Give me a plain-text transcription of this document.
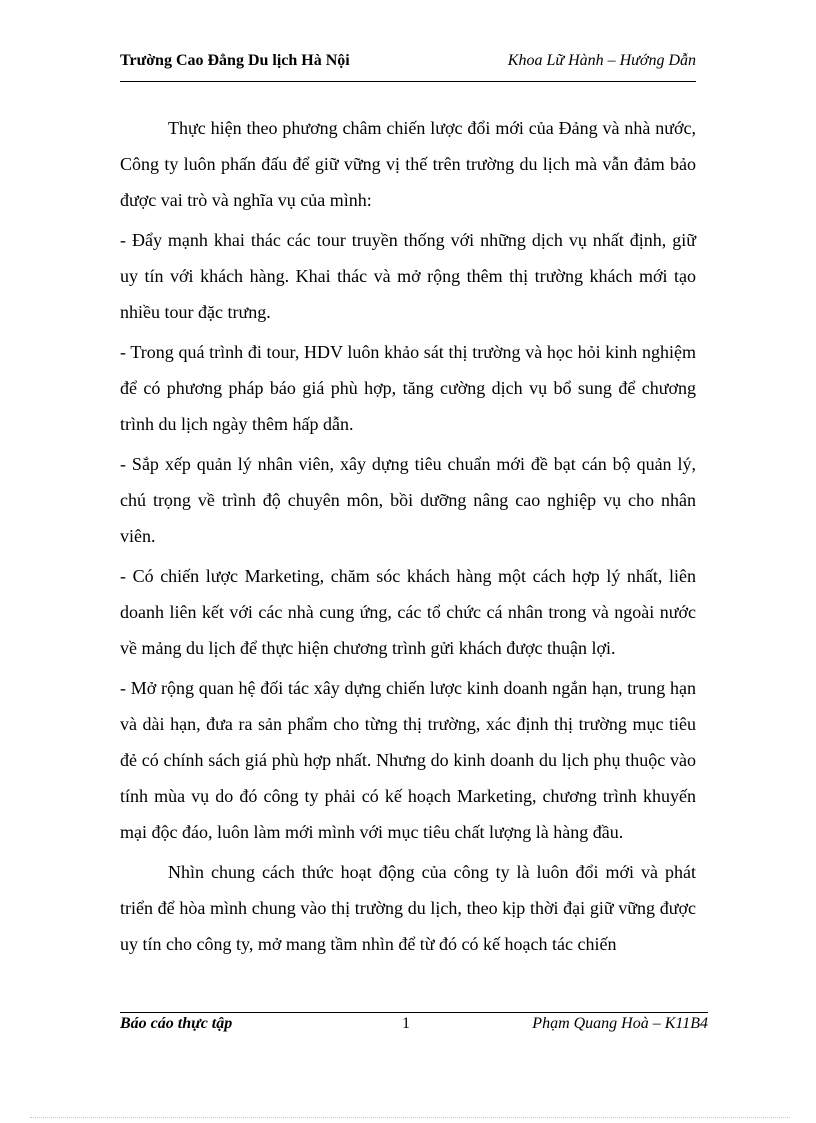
Trường Cao Đẳng Du lịch Hà Nội	Khoa Lữ Hành – Hướng Dẫn

Thực hiện theo phương châm chiến lược đổi mới của Đảng và nhà nước, Công ty luôn phấn đấu để giữ vững vị thế trên trường du lịch mà vẫn đảm bảo được vai trò và nghĩa vụ của mình:

- Đẩy mạnh khai thác các tour truyền thống với những dịch vụ nhất định, giữ uy tín với khách hàng. Khai thác và mở rộng thêm thị trường khách mới tạo nhiều tour đặc trưng.

- Trong quá trình đi tour, HDV luôn khảo sát thị trường và học hỏi kinh nghiệm để có phương pháp báo giá phù hợp, tăng cường dịch vụ bổ sung để chương trình du lịch ngày thêm hấp dẫn.

- Sắp xếp quản lý nhân viên, xây dựng tiêu chuẩn mới đề bạt cán bộ quản lý, chú trọng về trình độ chuyên môn, bồi dưỡng nâng cao nghiệp vụ cho nhân viên.

- Có chiến lược Marketing, chăm sóc khách hàng một cách hợp lý nhất, liên doanh liên kết với các nhà cung ứng, các tổ chức cá nhân trong và ngoài nước về mảng du lịch để thực hiện chương trình gửi khách được thuận lợi.

- Mở rộng quan hệ đối tác xây dựng chiến lược kinh doanh ngắn hạn, trung hạn và dài hạn, đưa ra sản phẩm cho từng thị trường, xác định thị trường mục tiêu đẻ có chính sách giá phù hợp nhất. Nhưng do kinh doanh du lịch phụ thuộc vào tính mùa vụ do đó công ty phải có kế hoạch Marketing, chương trình khuyến mại độc đáo, luôn làm mới mình với mục tiêu chất lượng là hàng đầu.

Nhìn chung cách thức hoạt động của công ty là luôn đổi mới và phát triển để hòa mình chung vào thị trường du lịch, theo kịp thời đại giữ vững được uy tín cho công ty, mở mang tầm nhìn để từ đó có kế hoạch tác chiến

Báo cáo thực tập	1	Phạm Quang Hoà – K11B4
